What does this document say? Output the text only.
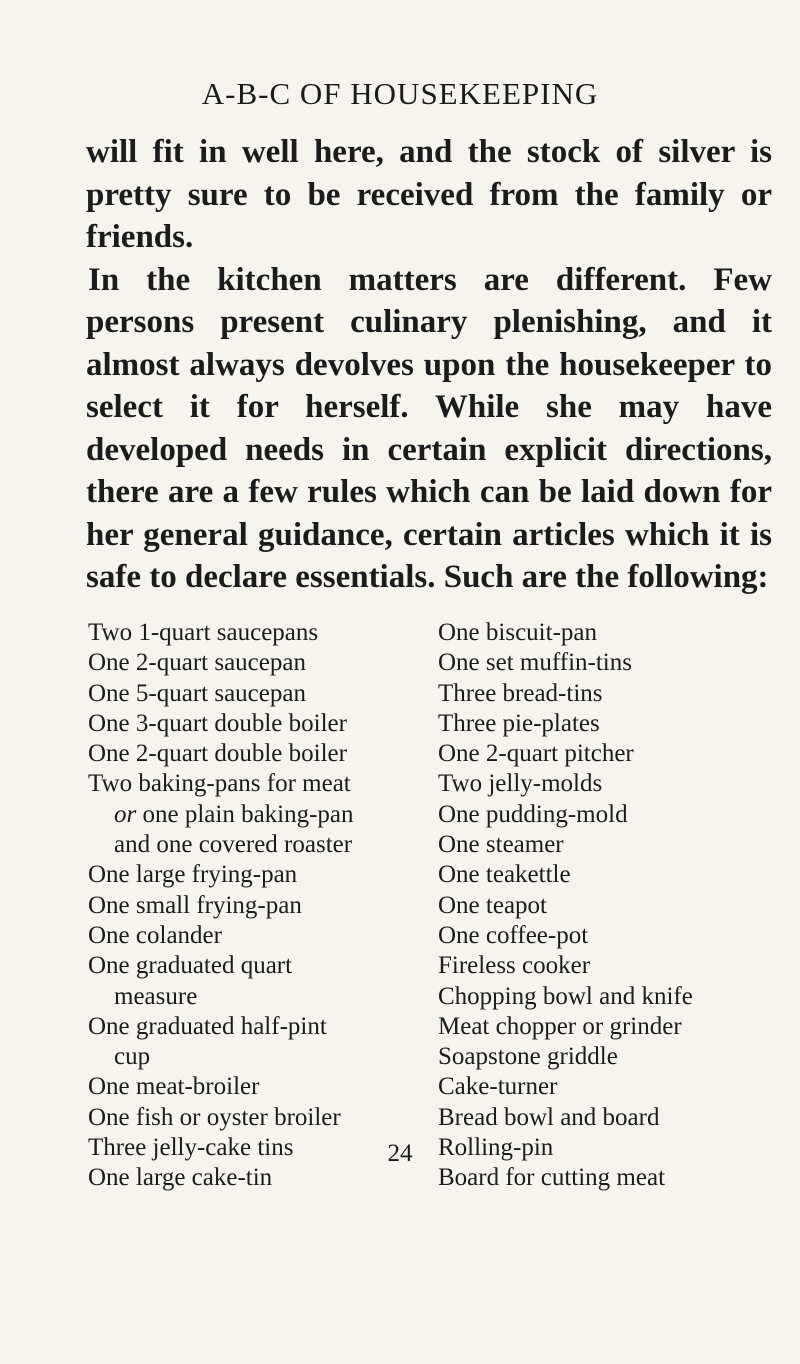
A-B-C OF HOUSEKEEPING

will fit in well here, and the stock of silver is pretty sure to be received from the family or friends.

In the kitchen matters are different. Few persons present culinary plenishing, and it almost always devolves upon the housekeeper to select it for herself. While she may have developed needs in certain explicit directions, there are a few rules which can be laid down for her general guidance, certain articles which it is safe to declare essentials. Such are the following:

Two 1-quart saucepans
One 2-quart saucepan
One 5-quart saucepan
One 3-quart double boiler
One 2-quart double boiler
Two baking-pans for meat
or one plain baking-pan
and one covered roaster
One large frying-pan
One small frying-pan
One colander
One graduated quart
measure
One graduated half-pint
cup
One meat-broiler
One fish or oyster broiler
Three jelly-cake tins
One large cake-tin
One biscuit-pan
One set muffin-tins
Three bread-tins
Three pie-plates
One 2-quart pitcher
Two jelly-molds
One pudding-mold
One steamer
One teakettle
One teapot
One coffee-pot
Fireless cooker
Chopping bowl and knife
Meat chopper or grinder
Soapstone griddle
Cake-turner
Bread bowl and board
Rolling-pin
Board for cutting meat
24
